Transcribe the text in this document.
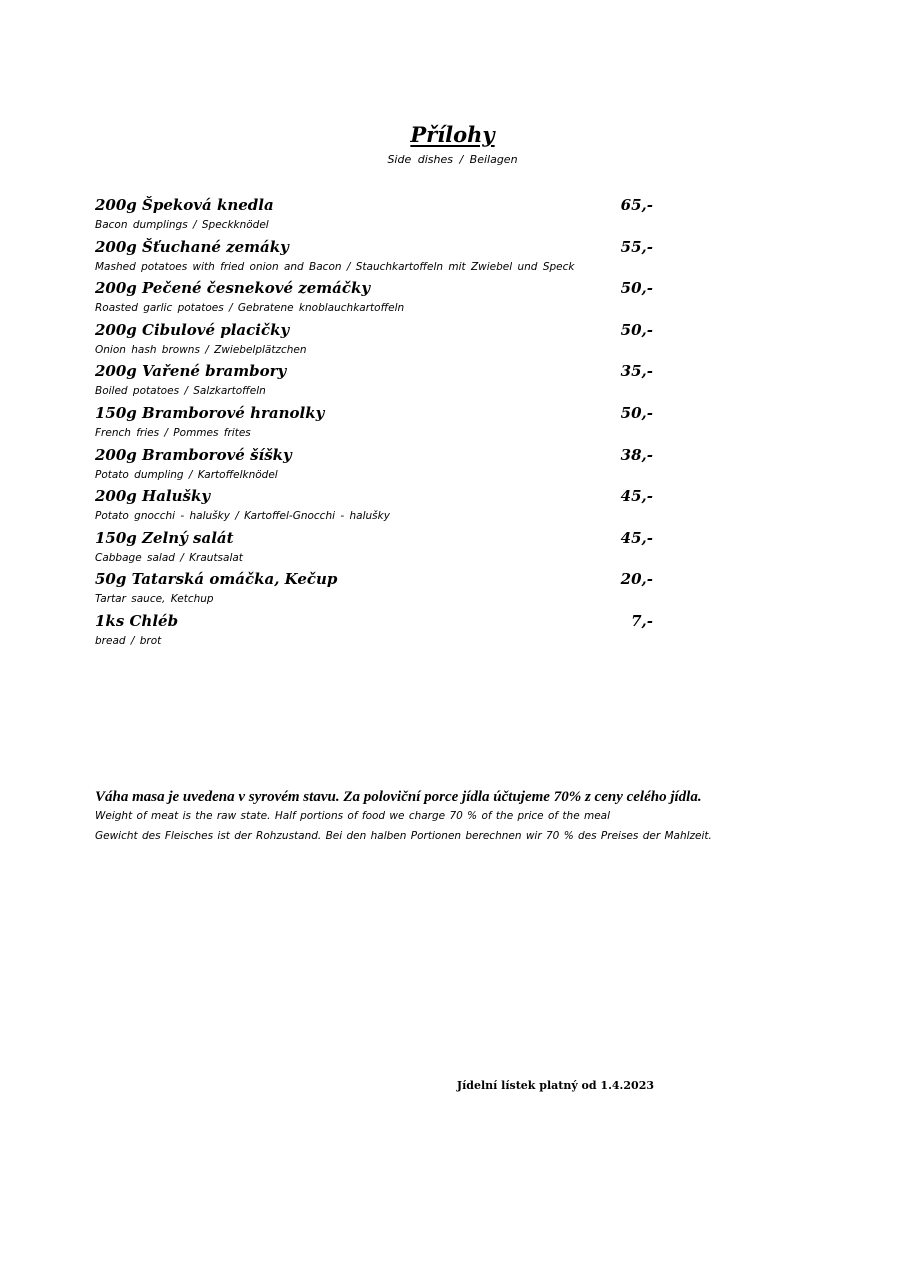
Přílohy
Side dishes / Beilagen
200g Špeková knedla	65,-
Bacon dumplings / Speckknödel
200g Šťuchané zemáky	55,-
Mashed potatoes with fried onion and Bacon / Stauchkartoffeln mit Zwiebel und Speck
200g Pečené česnekové zemáčky	50,-
Roasted garlic potatoes / Gebratene knoblauchkartoffeln
200g Cibulové placičky	50,-
Onion hash browns / Zwiebelplätzchen
200g Vařené brambory	35,-
Boiled potatoes / Salzkartoffeln
150g Bramborové hranolky	50,-
French fries / Pommes frites
200g Bramborové šíšky	38,-
Potato dumpling / Kartoffelknödel
200g Halušky	45,-
Potato gnocchi - halušky / Kartoffel-Gnocchi - halušky
150g Zelný salát	45,-
Cabbage salad / Krautsalat
50g Tatarská omáčka, Kečup	20,-
Tartar sauce, Ketchup
1ks Chléb	7,-
bread / brot
Váha masa je uvedena v syrovém stavu. Za poloviční porce jídla účtujeme 70% z ceny celého jídla.
Weight of meat is the raw state. Half portions of food we charge 70 % of the price of the meal
Gewicht des Fleisches ist der Rohzustand. Bei den halben Portionen berechnen wir 70 % des Preises der Mahlzeit.
Jídelní lístek platný od 1.4.2023
